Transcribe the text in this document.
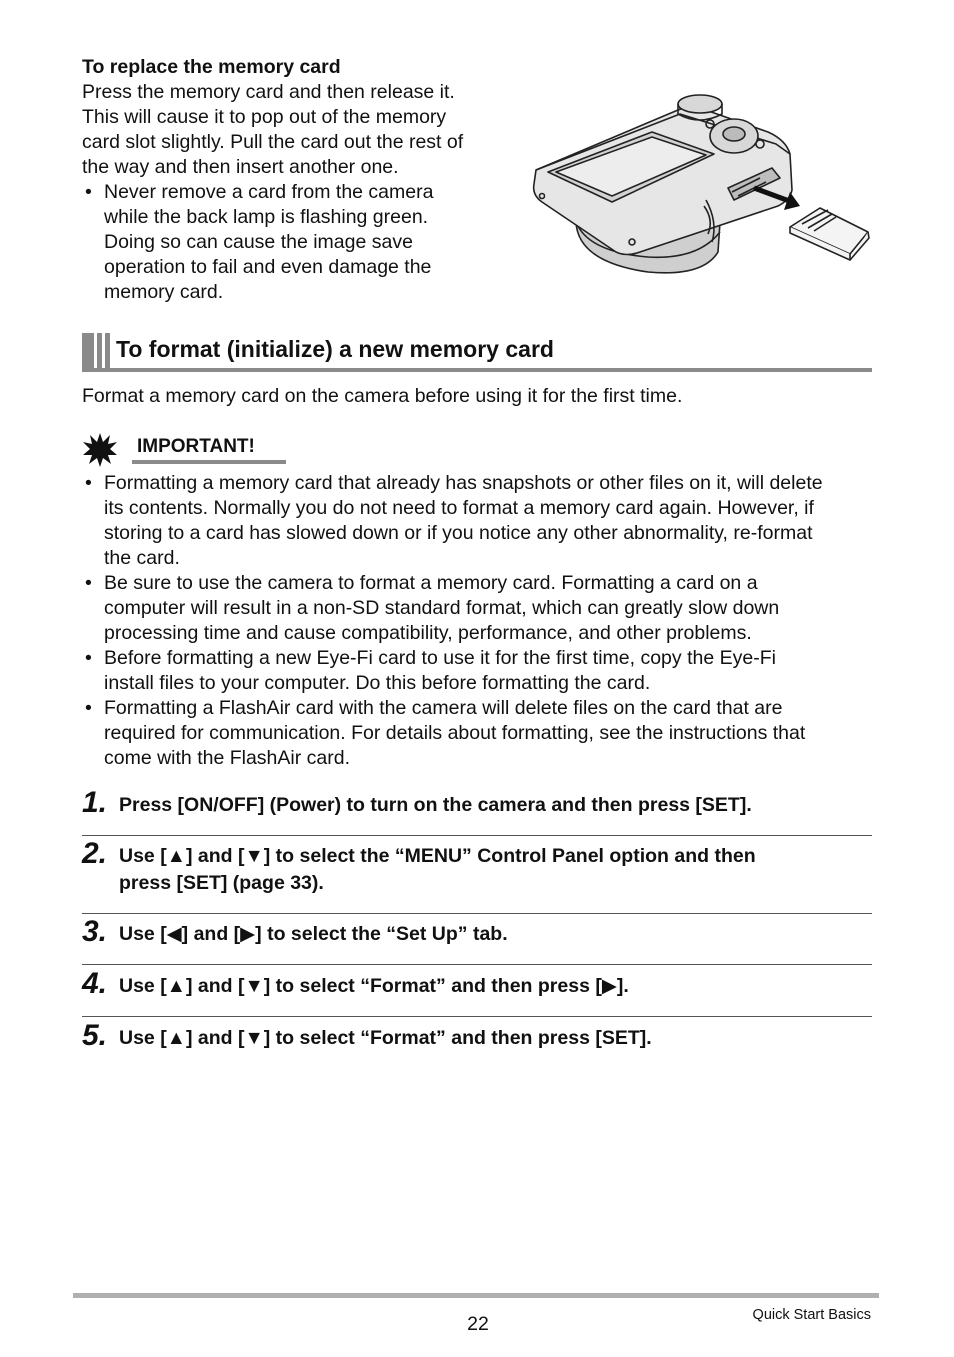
To replace the memory card
Press the memory card and then release it.
This will cause it to pop out of the memory
card slot slightly. Pull the card out the rest of
the way and then insert another one.
• Never remove a card from the camera
while the back lamp is flashing green.
Doing so can cause the image save
operation to fail and even damage the
memory card.
To format (initialize) a new memory card
Format a memory card on the camera before using it for the first time.
IMPORTANT!
• Formatting a memory card that already has snapshots or other files on it, will delete
its contents. Normally you do not need to format a memory card again. However, if
storing to a card has slowed down or if you notice any other abnormality, re-format
the card.
• Be sure to use the camera to format a memory card. Formatting a card on a
computer will result in a non-SD standard format, which can greatly slow down
processing time and cause compatibility, performance, and other problems.
• Before formatting a new Eye-Fi card to use it for the first time, copy the Eye-Fi
install files to your computer. Do this before formatting the card.
• Formatting a FlashAir card with the camera will delete files on the card that are
required for communication. For details about formatting, see the instructions that
come with the FlashAir card.
1. Press [ON/OFF] (Power) to turn on the camera and then press [SET].
2. Use [▲] and [▼] to select the “MENU” Control Panel option and then
press [SET] (page 33).
3. Use [◀] and [▶] to select the “Set Up” tab.
4. Use [▲] and [▼] to select “Format” and then press [▶].
5. Use [▲] and [▼] to select “Format” and then press [SET].
22	Quick Start Basics
